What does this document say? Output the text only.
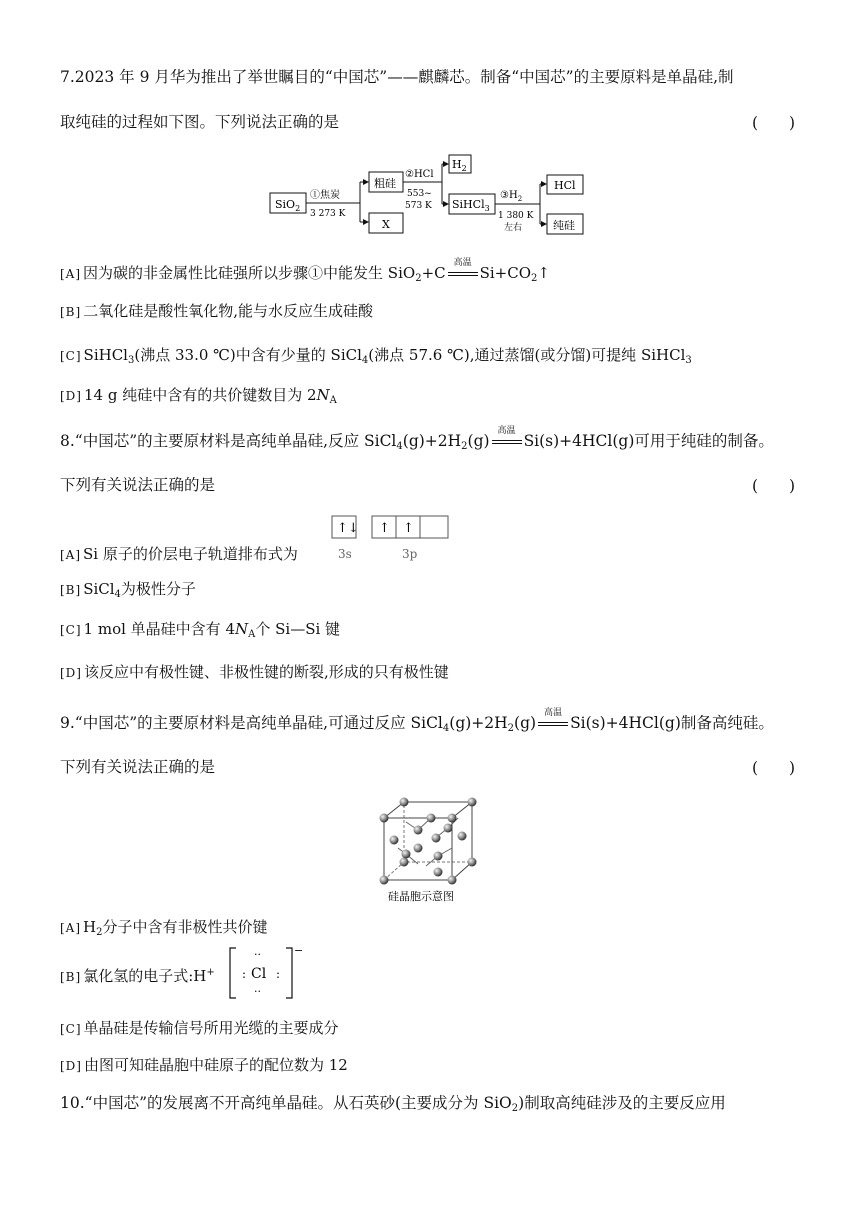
7.2023 年 9 月华为推出了举世瞩目的“中国芯”——麒麟芯。制备“中国芯”的主要原料是单晶硅,制
取纯硅的过程如下图。下列说法正确的是	(　　)
SiO$_2$
①焦炭
3 273 K
粗硅
X
②HCl
553~
573 K
$H_2$
SiHCl$_3$
$③H_2$
1 380 K
左右
HCl
纯硅
[A] 因为碳的非金属性比硅强所以步骤①中能发生 SiO$_2$+C
高温
$Si+CO_2↑$
[B] 二氧化硅是酸性氧化物,能与水反应生成硅酸
[C] SiHCl$_3$(沸点 33.0 ℃)中含有少量的 SiCl$_4$(沸点 57.6 ℃),通过蒸馏(或分馏)可提纯 SiHCl$_3$
[D] 14 g 纯硅中含有的共价键数目为 $2N_A$
8.“中国芯”的主要原材料是高纯单晶硅,反应 $SiCl_4(g)+2H_2(g)$
高温
Si(s)+4HCl(g)可用于纯硅的制备。
下列有关说法正确的是	(　　)
[A] Si 原子的价层电子轨道排布式为
↑↓ ↑ ↑
3s	3p
[B] SiCl$_4$为极性分子
[C] 1 mol 单晶硅中含有 $4N_A$个 Si—Si 键
[D] 该反应中有极性键、非极性键的断裂,形成的只有极性键
9.“中国芯”的主要原材料是高纯单晶硅,可通过反应 $SiCl_4(g)+2H_2(g)$
高温
Si(s)+4HCl(g)制备高纯硅。
下列有关说法正确的是	(　　)
硅晶胞示意图
[A] $H_2$分子中含有非极性共价键
[B] 氯化氢的电子式:H+
··
··
: :
Cl
−
[C] 单晶硅是传输信号所用光缆的主要成分
[D] 由图可知硅晶胞中硅原子的配位数为 12
10.“中国芯”的发展离不开高纯单晶硅。从石英砂(主要成分为 SiO$_2$)制取高纯硅涉及的主要反应用
